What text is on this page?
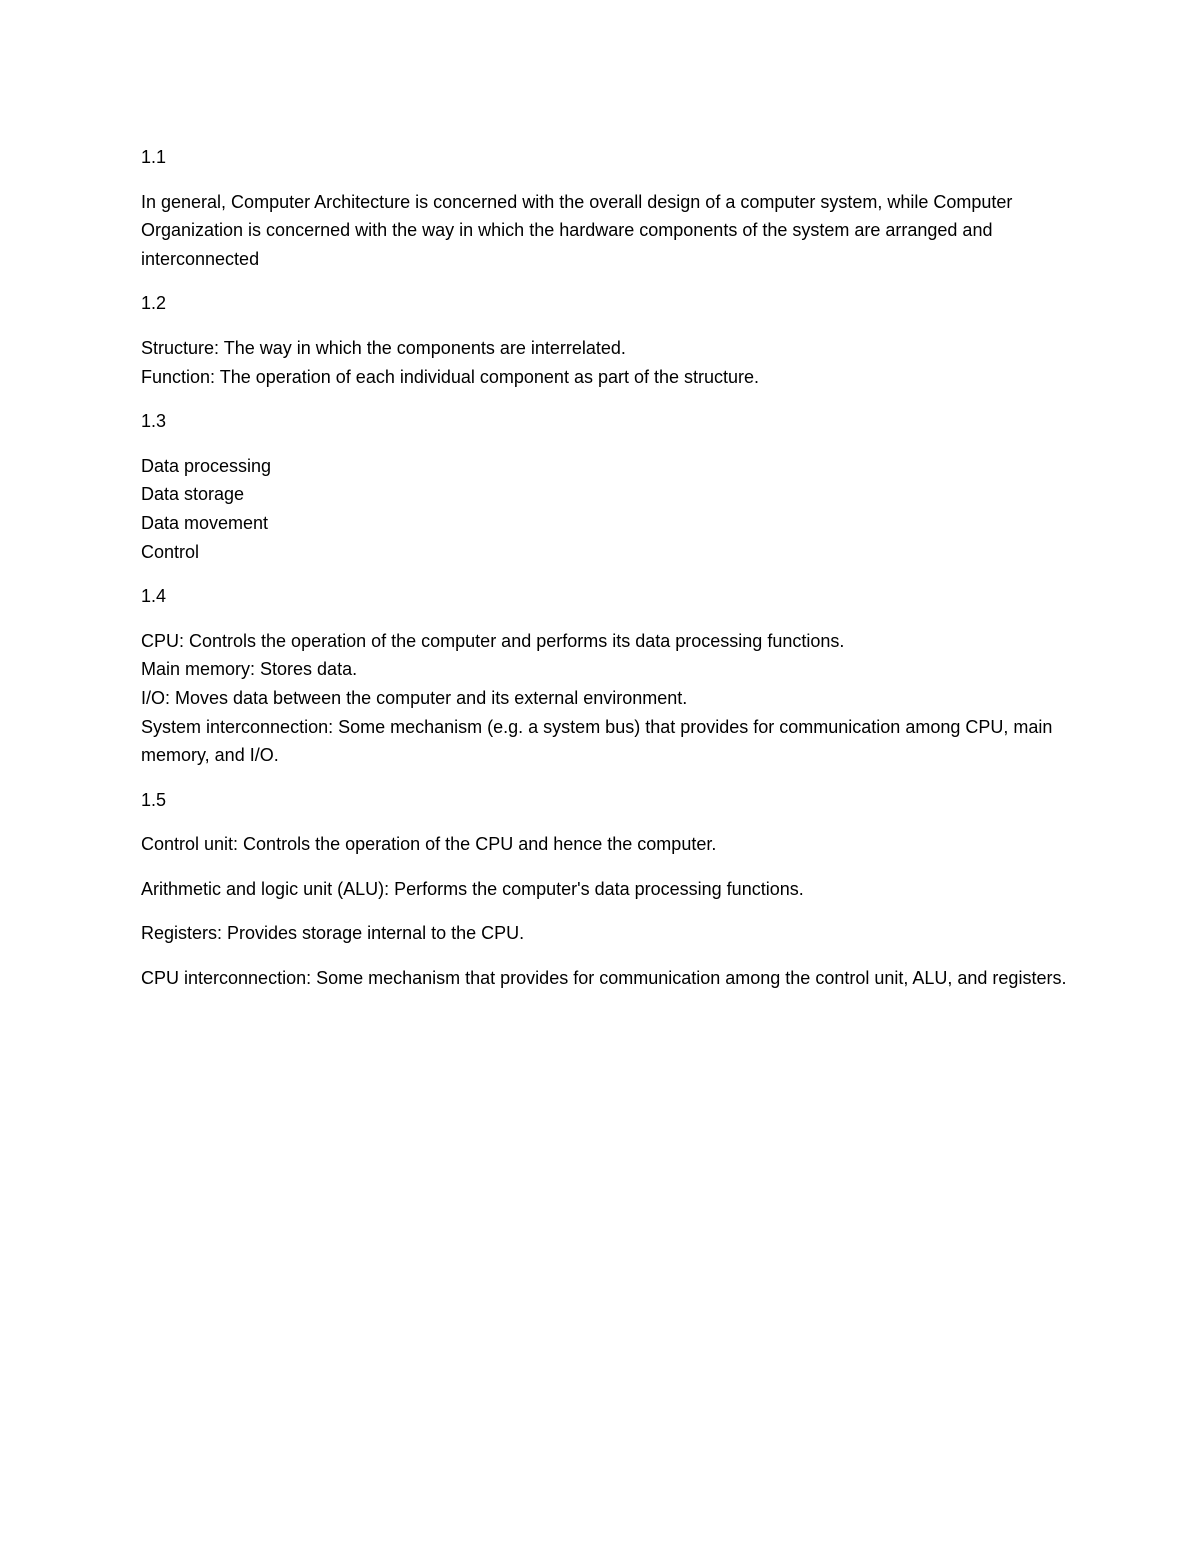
1.1
In general, Computer Architecture is concerned with the overall design of a computer system, while Computer Organization is concerned with the way in which the hardware components of the system are arranged and interconnected
1.2
Structure: The way in which the components are interrelated.
Function: The operation of each individual component as part of the structure.
1.3
Data processing
Data storage
Data movement
Control
1.4
CPU: Controls the operation of the computer and performs its data processing functions.
Main memory: Stores data.
I/O: Moves data between the computer and its external environment.
System interconnection: Some mechanism (e.g. a system bus) that provides for communication among CPU, main memory, and I/O.
1.5
Control unit: Controls the operation of the CPU and hence the computer.
Arithmetic and logic unit (ALU): Performs the computer's data processing functions.
Registers: Provides storage internal to the CPU.
CPU interconnection: Some mechanism that provides for communication among the control unit, ALU, and registers.
